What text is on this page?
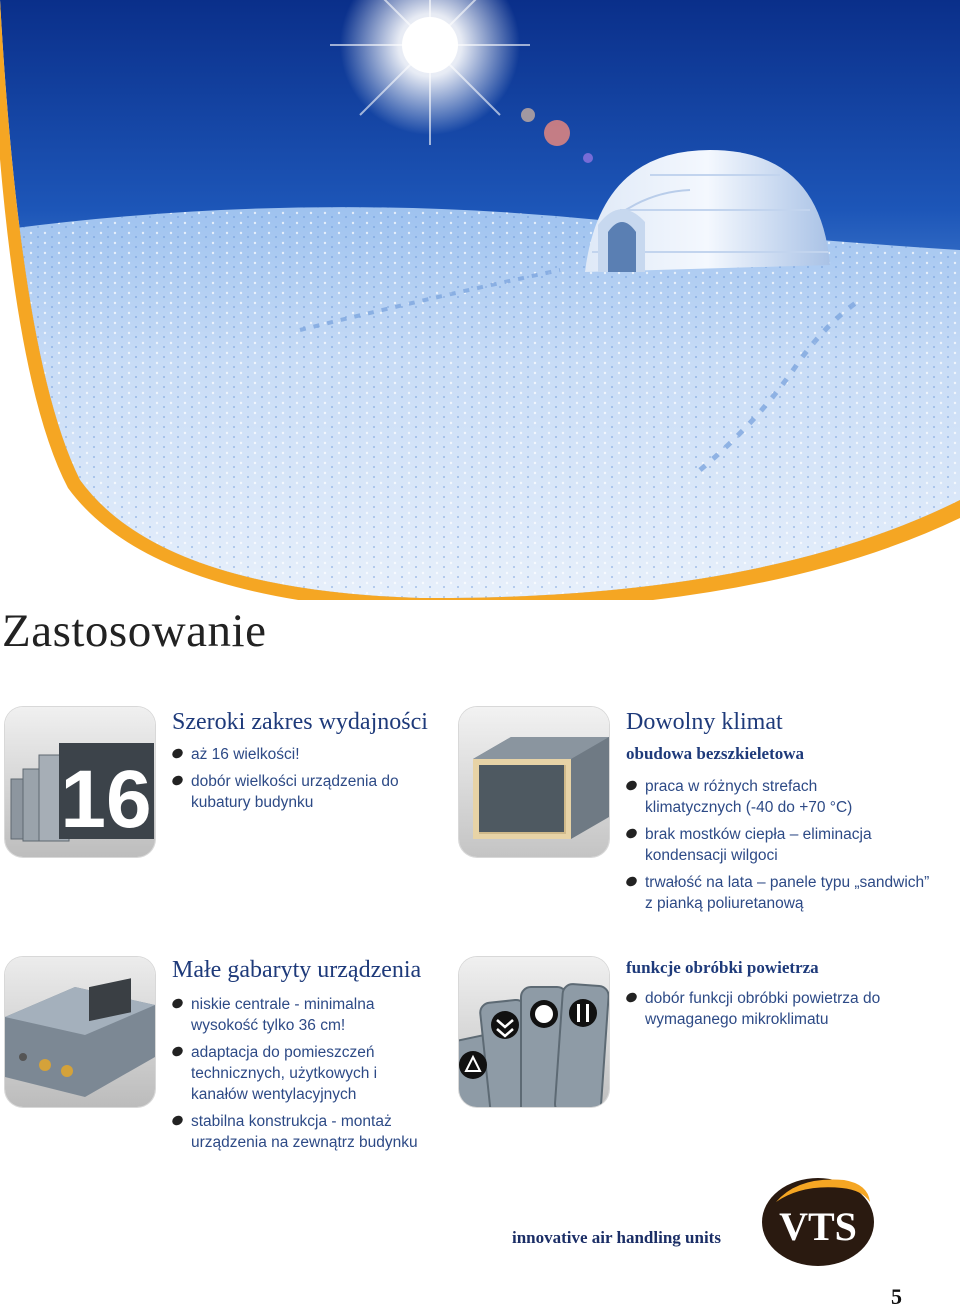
Zastosowanie
16
Szeroki zakres wydajności
aż 16 wielkości!
dobór wielkości urządzenia do kubatury budynku
Dowolny klimat
obudowa bezszkieletowa
praca w różnych strefach klimatycznych (-40 do +70 °C)
brak mostków ciepła – eliminacja kondensacji wilgoci
trwałość na lata – panele typu „sandwich” z pianką poliuretanową
Małe gabaryty urządzenia
niskie centrale - minimalna wysokość tylko 36 cm!
adaptacja do pomieszczeń technicznych, użytkowych i kanałów wentylacyjnych
stabilna konstrukcja - montaż urządzenia na zewnątrz budynku
funkcje obróbki powietrza
dobór funkcji obróbki powietrza do wymaganego mikroklimatu
innovative air handling units VTS

5
